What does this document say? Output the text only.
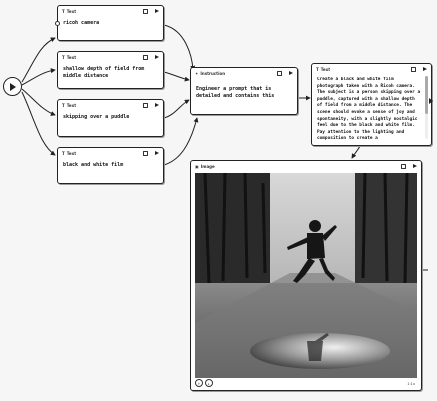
T Text
ricoh camera
T Text
shallow depth of field from middle distance
T Text
skipping over a puddle
T Text
black and white film
✦ Instruction
Engineer a prompt that is detailed and contains this
T Text
Create a black and white film photograph taken with a Ricoh camera. The subject is a person skipping over a puddle, captured with a shallow depth of field from a middle distance. The scene should evoke a sense of joy and spontaneity, with a slightly nostalgic feel due to the black and white film. Pay attention to the lighting and composition to create a
▣ Image
⌕ ↓	1:1x
